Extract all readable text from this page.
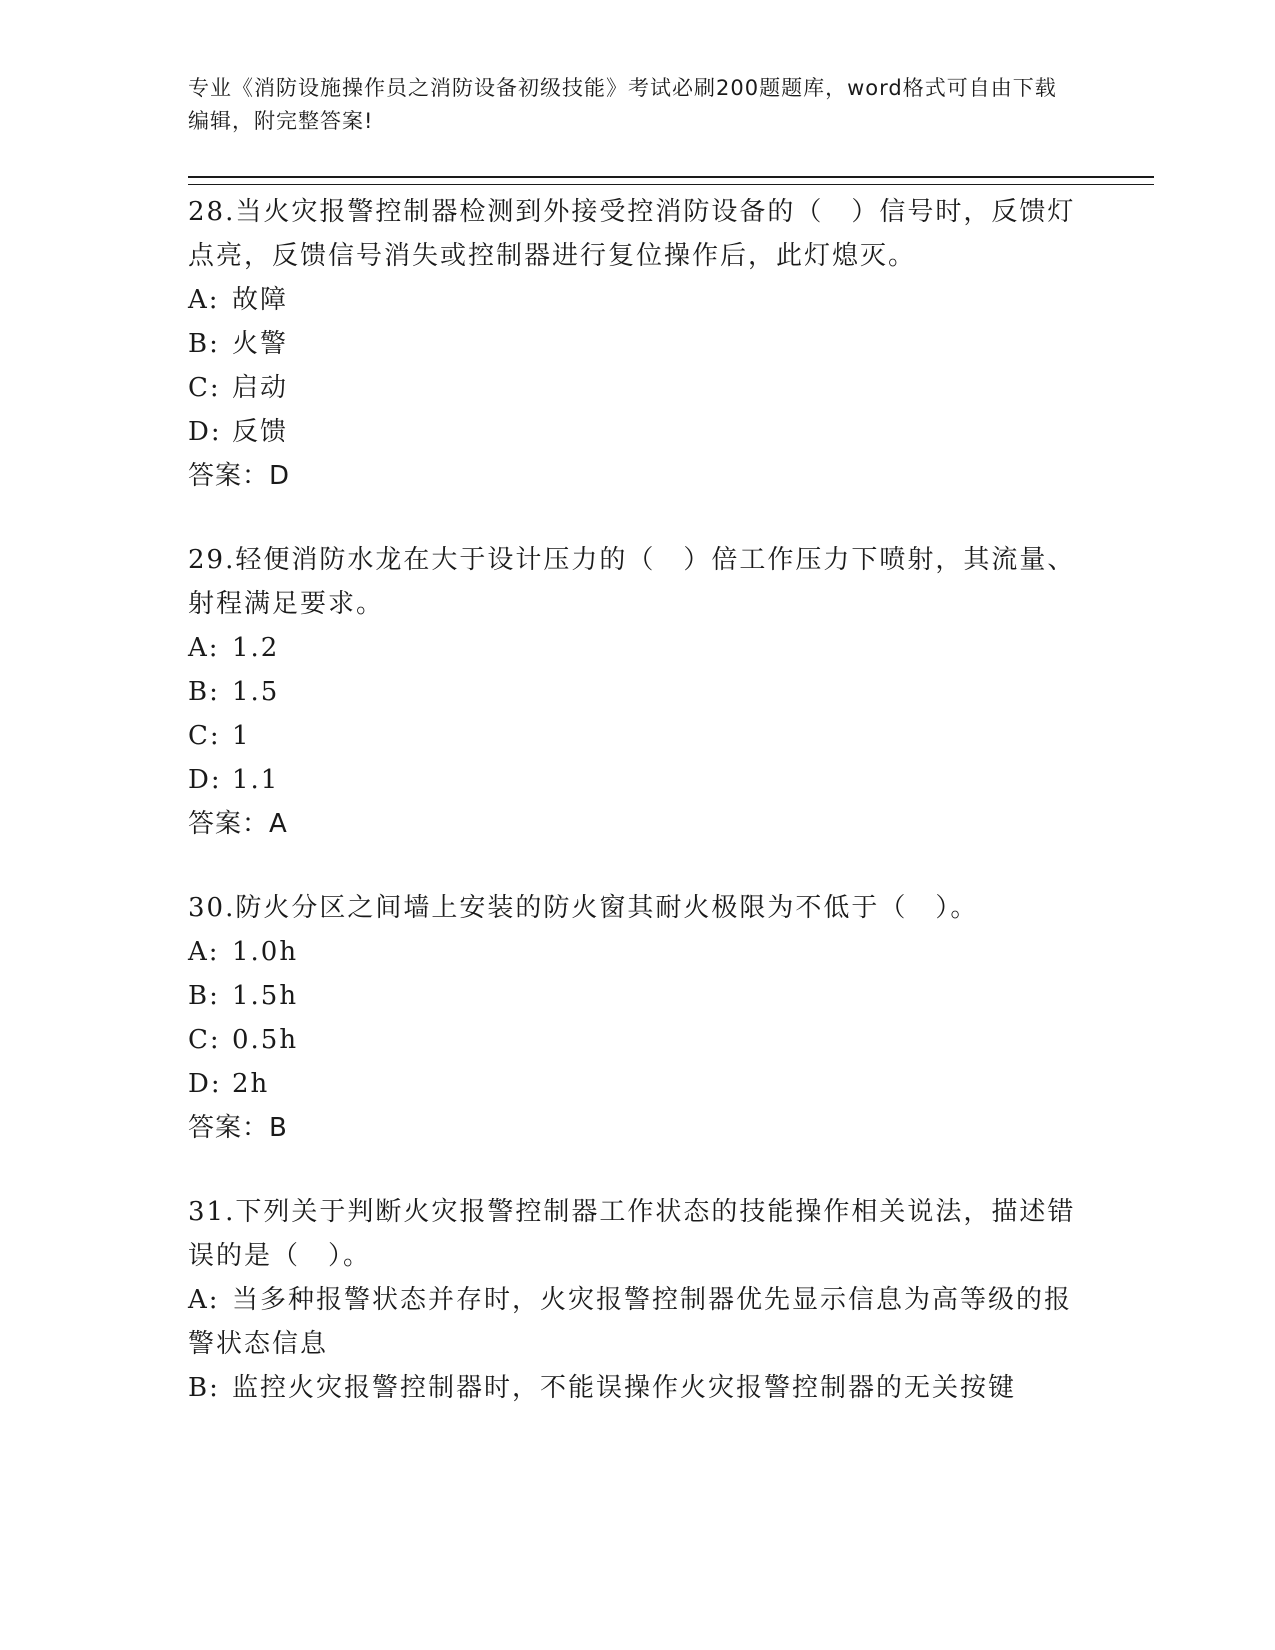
专业《消防设施操作员之消防设备初级技能》考试必刷200题题库，word格式可自由下载编辑，附完整答案!

28.当火灾报警控制器检测到外接受控消防设备的（　）信号时，反馈灯点亮，反馈信号消失或控制器进行复位操作后，此灯熄灭。

A: 故障

B: 火警

C: 启动

D: 反馈

答案：D

29.轻便消防水龙在大于设计压力的（　）倍工作压力下喷射，其流量、射程满足要求。

A: 1.2

B: 1.5

C: 1

D: 1.1

答案：A

30.防火分区之间墙上安装的防火窗其耐火极限为不低于（　）。

A: 1.0h

B: 1.5h

C: 0.5h

D: 2h

答案：B

31.下列关于判断火灾报警控制器工作状态的技能操作相关说法，描述错误的是（　）。

A: 当多种报警状态并存时，火灾报警控制器优先显示信息为高等级的报警状态信息

B: 监控火灾报警控制器时，不能误操作火灾报警控制器的无关按键
